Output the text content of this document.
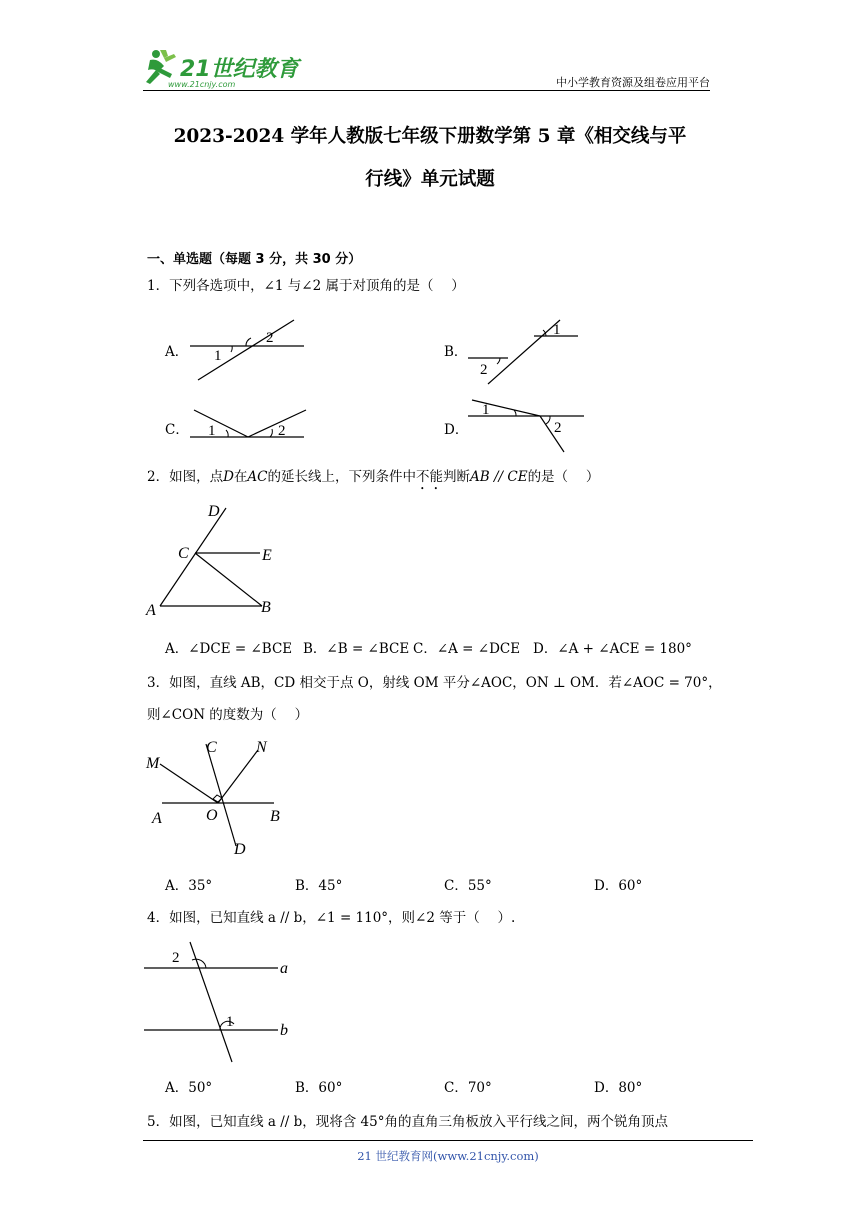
21世纪教育
www.21cnjy.com	中小学教育资源及组卷应用平台
2023-2024 学年人教版七年级下册数学第 5 章《相交线与平
行线》单元试题
一、单选题（每题 3 分，共 30 分）
1．下列各选项中，∠1 与∠2 属于对顶角的是（　 ）
A． 1
2
B．
1
2
C． 1	2	D．
1
2
2．如图，点D在AC的延长线上，下列条件中不能判断AB // CE的是（　 ）
D
C	E
A	B
A．∠DCE = ∠BCE B．∠B = ∠BCE C．∠A = ∠DCE D．∠A + ∠ACE = 180°
3．如图，直线 AB，CD 相交于点 O，射线 OM 平分∠AOC，ON ⊥ OM．若∠AOC = 70°，
则∠CON 的度数为（　 ）
M
C N
A	O	B
D
A．35°	B．45°	C．55°	D．60°
4．如图，已知直线 a // b，∠1 = 110°，则∠2 等于（　 ）.
2
a
1	b
A．50°	B．60°	C．70°	D．80°
5．如图，已知直线 a // b，现将含 45°角的直角三角板放入平行线之间，两个锐角顶点
21 世纪教育网(www.21cnjy.com)
